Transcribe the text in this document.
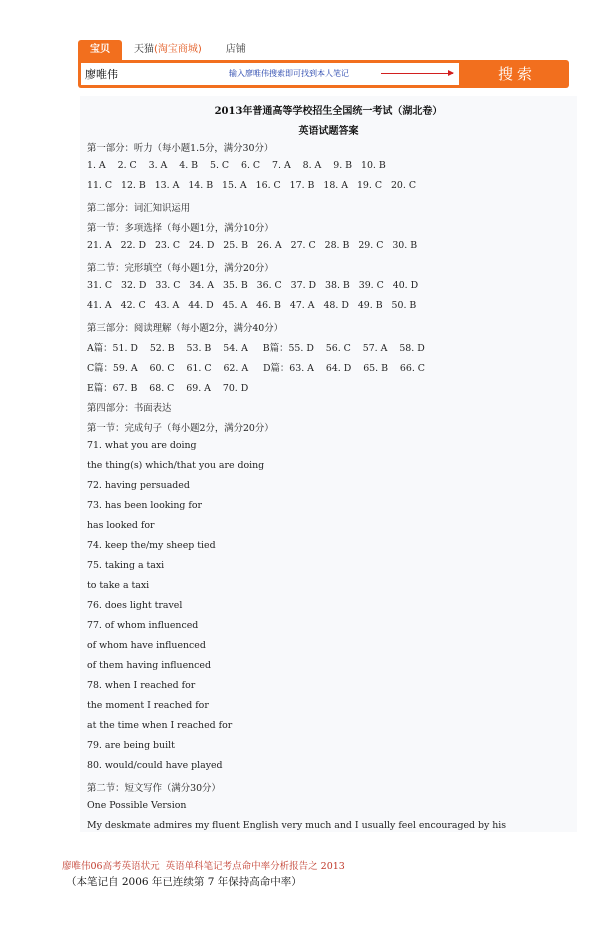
宝贝	天猫(淘宝商城)	店铺
廖唯伟	输入廖唯伟搜索即可找到本人笔记	搜索
2013年普通高等学校招生全国统一考试（湖北卷）
英语试题答案
第一部分：听力（每小题1.5分，满分30分）
1. A    2. C    3. A    4. B    5. C    6. C    7. A    8. A    9. B   10. B
11. C   12. B   13. A   14. B   15. A   16. C   17. B   18. A   19. C   20. C
第二部分：词汇知识运用
第一节：多项选择（每小题1分，满分10分）
21. A   22. D   23. C   24. D   25. B   26. A   27. C   28. B   29. C   30. B
第二节：完形填空（每小题1分，满分20分）
31. C   32. D   33. C   34. A   35. B   36. C   37. D   38. B   39. C   40. D
41. A   42. C   43. A   44. D   45. A   46. B   47. A   48. D   49. B   50. B
第三部分：阅读理解（每小题2分，满分40分）
A篇：51. D    52. B    53. B    54. A     B篇：55. D    56. C    57. A    58. D
C篇：59. A    60. C    61. C    62. A     D篇：63. A    64. D    65. B    66. C
E篇：67. B    68. C    69. A    70. D
第四部分：书面表达
第一节：完成句子（每小题2分，满分20分）
71. what you are doing
the thing(s) which/that you are doing
72. having persuaded
73. has been looking for
has looked for
74. keep the/my sheep tied
75. taking a taxi
to take a taxi
76. does light travel
77. of whom influenced
of whom have influenced
of them having influenced
78. when I reached for
the moment I reached for
at the time when I reached for
79. are being built
80. would/could have played
第二节：短文写作（满分30分）
One Possible Version
My deskmate admires my fluent English very much and I usually feel encouraged by his
廖唯伟06高考英语状元  英语单科笔记考点命中率分析报告之 2013
（本笔记自 2006 年已连续第 7 年保持高命中率）
